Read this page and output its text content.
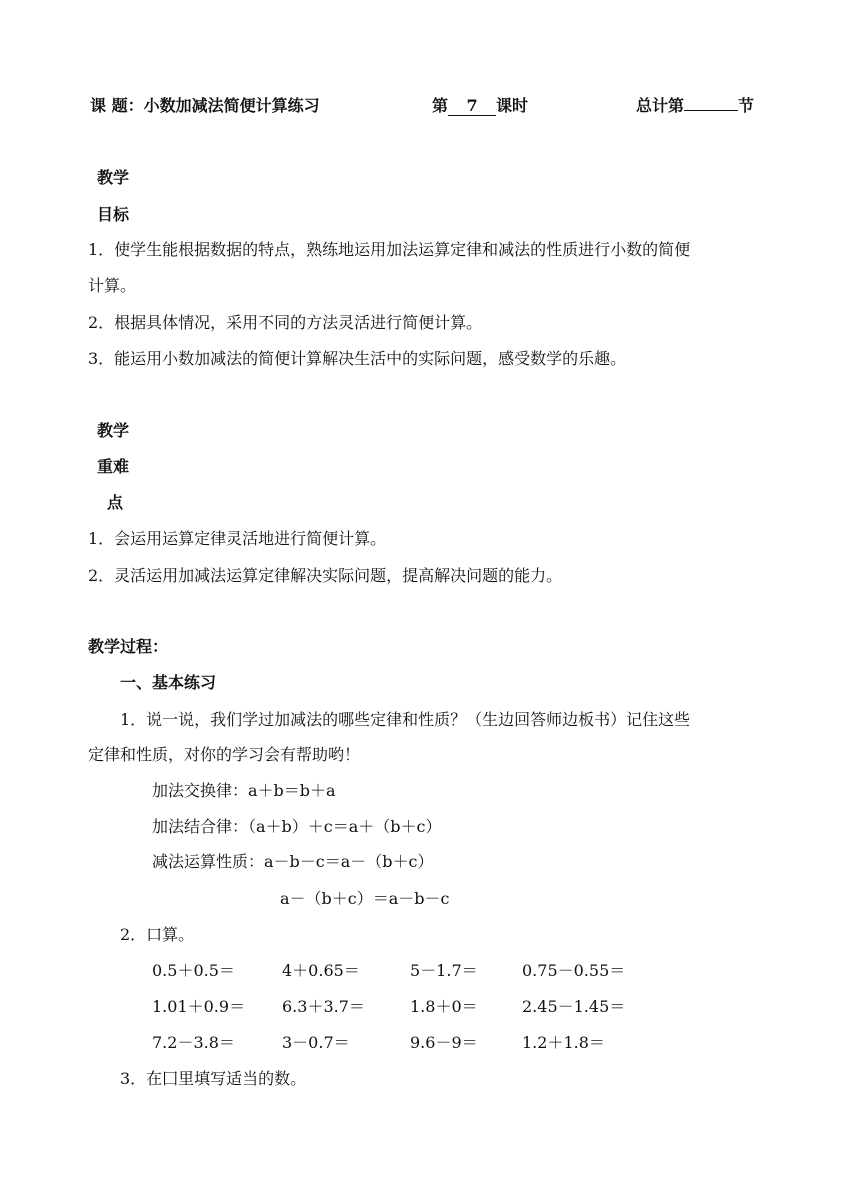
课 题：小数加减法简便计算练习	第 7 课时	总计第	节
教学
目标
1．使学生能根据数据的特点，熟练地运用加法运算定律和减法的性质进行小数的简便
计算。
2．根据具体情况，采用不同的方法灵活进行简便计算。
3．能运用小数加减法的简便计算解决生活中的实际问题，感受数学的乐趣。
教学
重难
点
1．会运用运算定律灵活地进行简便计算。
2．灵活运用加减法运算定律解决实际问题，提高解决问题的能力。
教学过程：
一、基本练习
1．说一说，我们学过加减法的哪些定律和性质？（生边回答师边板书）记住这些
定律和性质，对你的学习会有帮助哟！
加法交换律：a＋b＝b＋a
加法结合律：（a＋b）＋c＝a＋（b＋c）
减法运算性质：a－b－c＝a－（b＋c）
a－（b＋c）＝a－b－c
2．口算。
0.5＋0.5＝	4＋0.65＝	5－1.7＝	0.75－0.55＝
1.01＋0.9＝ 6.3＋3.7＝	1.8＋0＝	2.45－1.45＝
7.2－3.8＝	3－0.7＝	9.6－9＝	1.2＋1.8＝
3．在囗里填写适当的数。
